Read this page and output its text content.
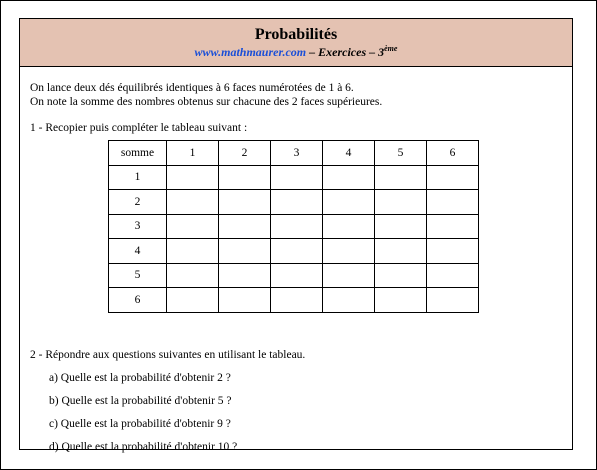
Probabilités
www.mathmaurer.com – Exercices – 3ème
On lance deux dés équilibrés identiques à 6 faces numérotées de 1 à 6.
On note la somme des nombres obtenus sur chacune des 2 faces supérieures.
1 - Recopier puis compléter le tableau suivant :
somme	1	2	3	4	5	6
1						
2						
3						
4						
5						
6						
2 - Répondre aux questions suivantes en utilisant le tableau.
a) Quelle est la probabilité d'obtenir 2 ?
b) Quelle est la probabilité d'obtenir 5 ?
c) Quelle est la probabilité d'obtenir 9 ?
d) Quelle est la probabilité d'obtenir 10 ?
